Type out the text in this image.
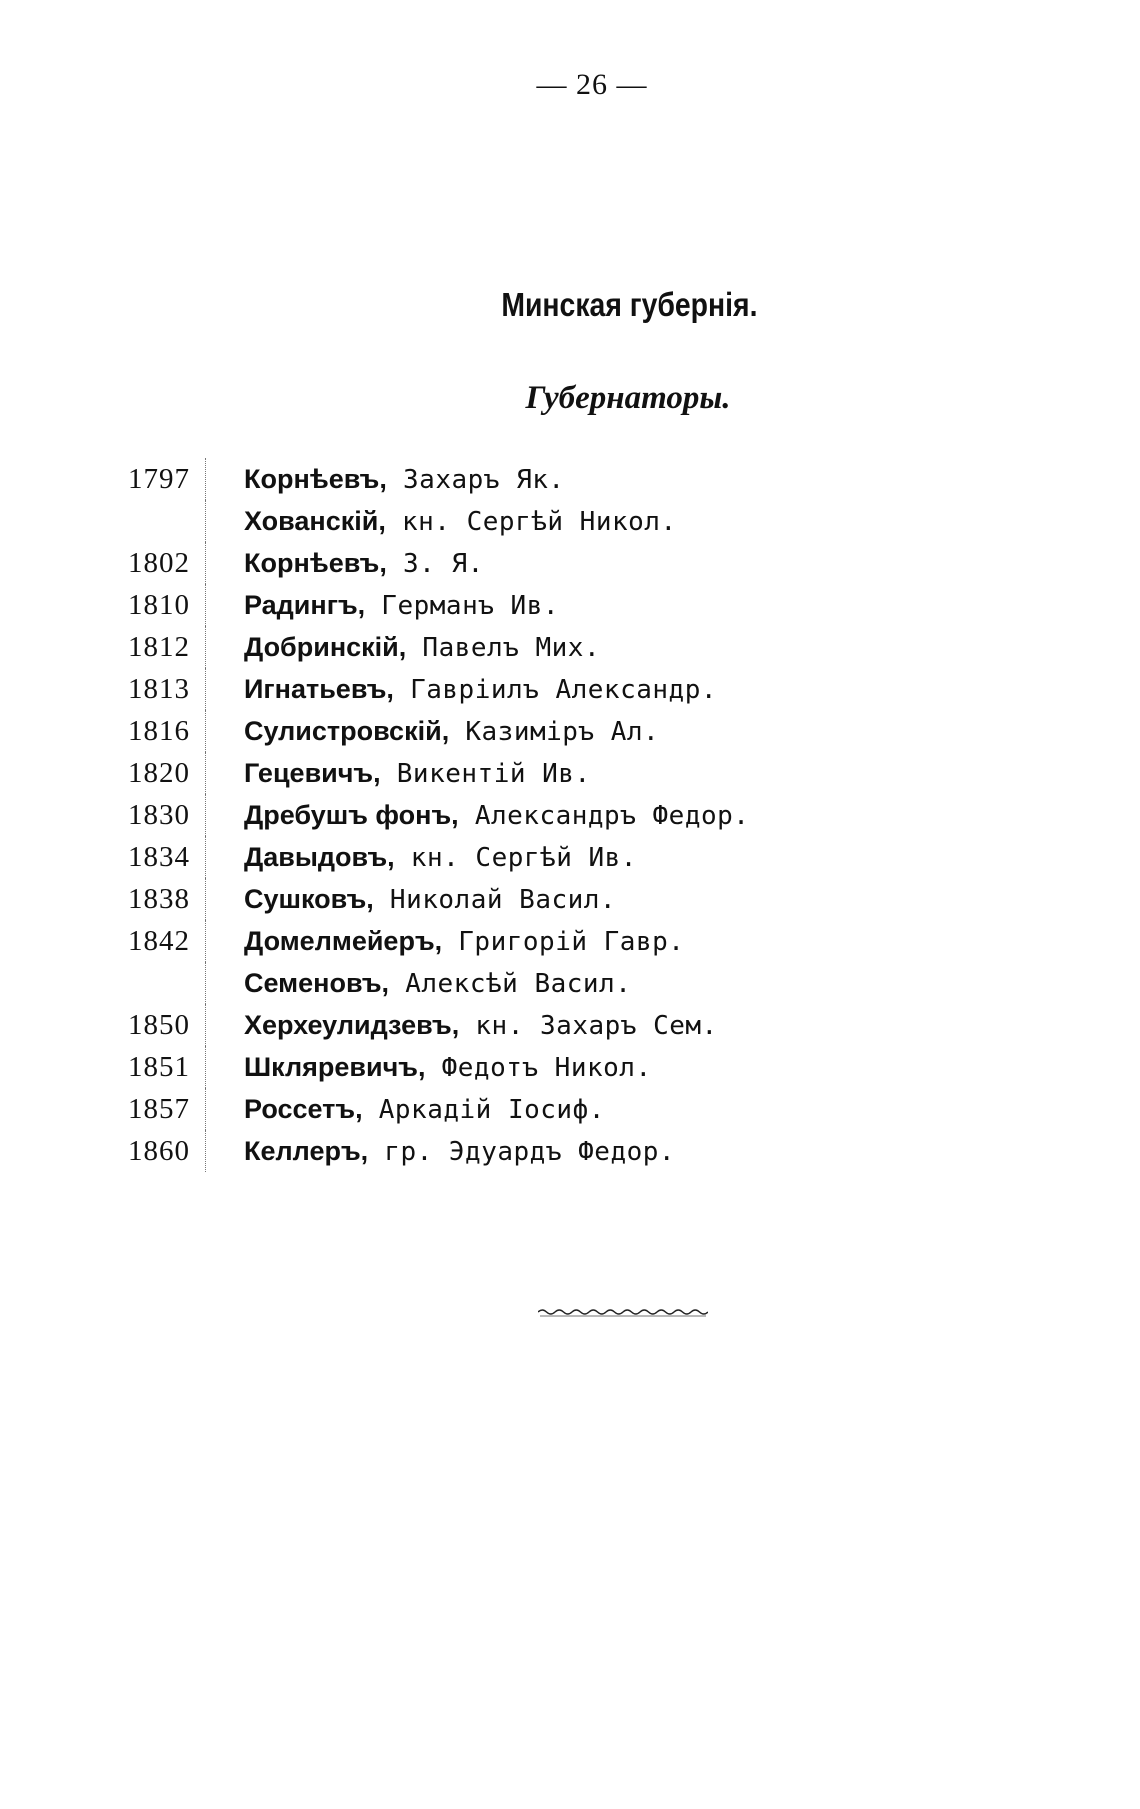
— 26 —
Минская губернія.
Губернаторы.
1797 Корнѣевъ, Захаръ Як.
Хованскій, кн. Сергѣй Никол.
1802 Корнѣевъ, З. Я.
1810 Радингъ, Германъ Ив.
1812 Добринскій, Павелъ Мих.
1813 Игнатьевъ, Гавріилъ Александр.
1816 Сулистровскій, Казиміръ Ал.
1820 Гецевичъ, Викентій Ив.
1830 Дребушъ фонъ, Александръ Федор.
1834 Давыдовъ, кн. Сергѣй Ив.
1838 Сушковъ, Николай Васил.
1842 Домелмейеръ, Григорій Гавр.
Семеновъ, Алексѣй Васил.
1850 Херхеулидзевъ, кн. Захаръ Сем.
1851 Шкляревичъ, Федотъ Никол.
1857 Россетъ, Аркадій Іосиф.
1860 Келлеръ, гр. Эдуардъ Федор.
